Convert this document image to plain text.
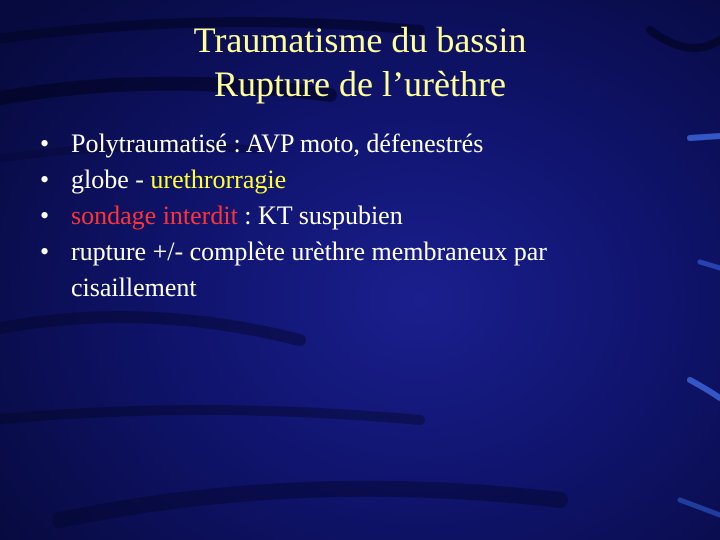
Traumatisme du bassin
Rupture de l’urèthre
• Polytraumatisé : AVP moto, défenestrés
• globe - urethrorragie
• sondage interdit : KT suspubien
• rupture +/- complète urèthre membraneux par cisaillement
